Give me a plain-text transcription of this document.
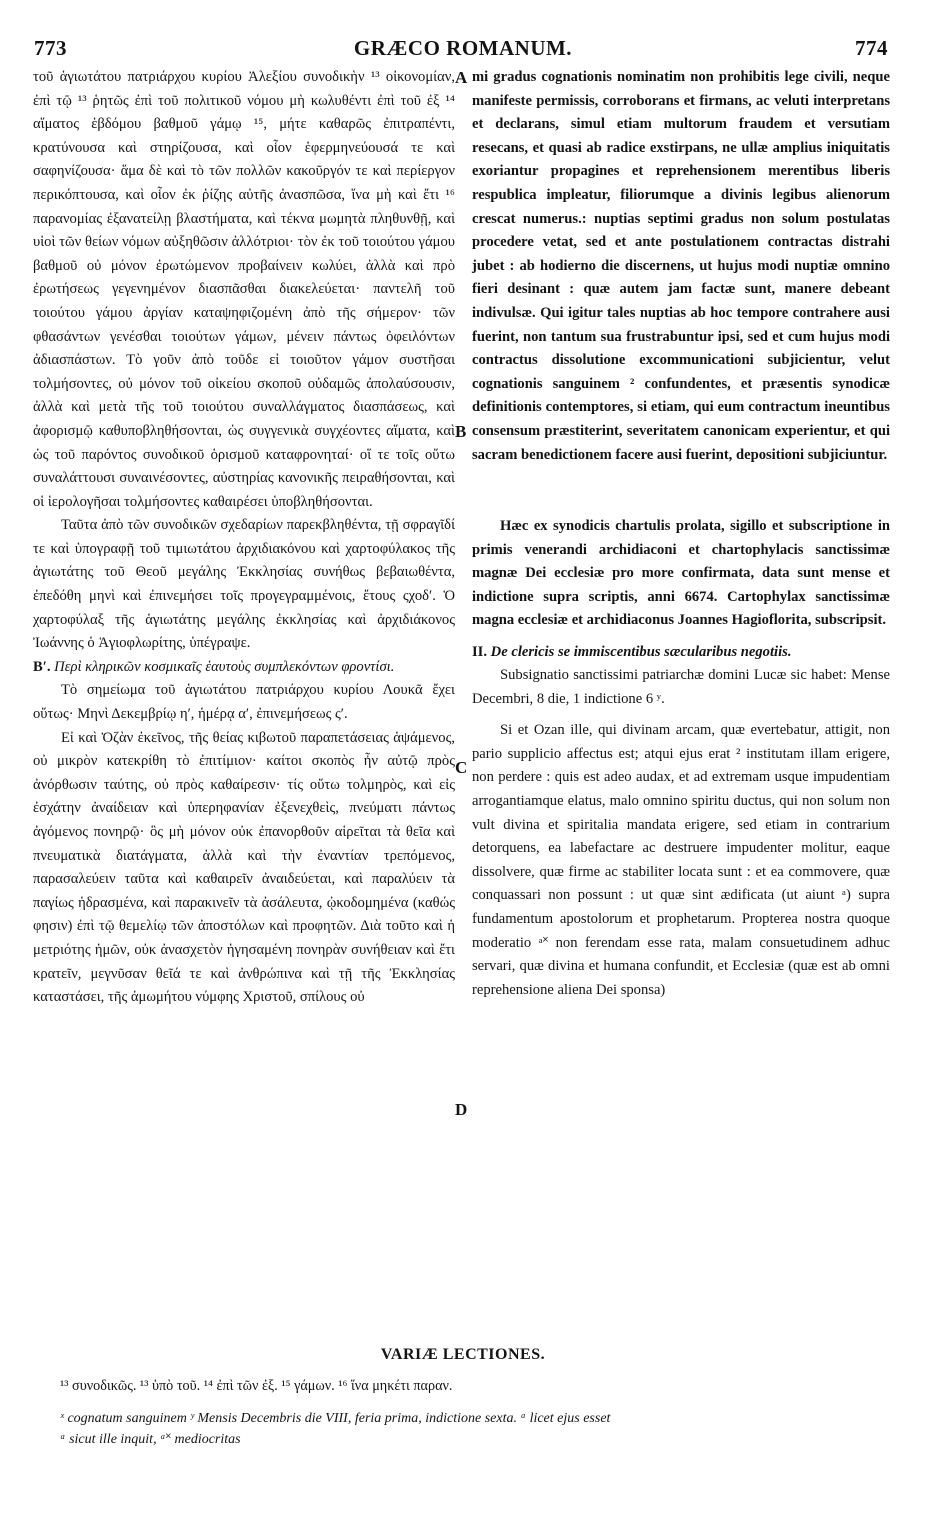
773	GRÆCO ROMANUM.	774
A
B
C
D

τοῦ ἁγιωτάτου πατριάρχου κυρίου Ἀλεξίου συνοδικὴν ¹³ οἰκονομίαν, ἐπὶ τῷ ¹³ ῥητῶς ἐπὶ τοῦ πολιτικοῦ νόμου μὴ κωλυθέντι ἐπὶ τοῦ ἐξ ¹⁴ αἵματος ἑβδόμου βαθμοῦ γάμῳ ¹⁵, μήτε καθαρῶς ἐπιτραπέντι, κρατύνουσα καὶ στηρίζουσα, καὶ οἷον ἑφερμηνεύουσά τε καὶ σαφηνίζουσα· ἅμα δὲ καὶ τὸ τῶν πολλῶν κακοῦργόν τε καὶ περίεργον περικόπτουσα, καὶ οἷον ἐκ ῥίζης αὐτῆς ἀνασπῶσα, ἵνα μὴ καὶ ἔτι ¹⁶ παρανομίας ἐξανατείλῃ βλαστήματα, καὶ τέκνα μωμητὰ πληθυνθῇ, καὶ υἱοὶ τῶν θείων νόμων αὐξηθῶσιν ἀλλότριοι· τὸν ἐκ τοῦ τοιούτου γάμου βαθμοῦ οὐ μόνον ἐρωτώμενον προβαίνειν κωλύει, ἀλλὰ καὶ πρὸ ἐρωτήσεως γεγενημένον διασπᾶσθαι διακελεύεται· παντελῆ τοῦ τοιούτου γάμου ἀργίαν καταψηφιζομένη ἀπὸ τῆς σήμερον· τῶν φθασάντων γενέσθαι τοιούτων γάμων, μένειν πάντως ὀφειλόντων ἀδιασπάστων. Τὸ γοῦν ἀπὸ τοῦδε εἰ τοιοῦτον γάμον συστῆσαι τολμήσοντες, οὐ μόνον τοῦ οἰκείου σκοποῦ οὐδαμῶς ἀπολαύσουσιν, ἀλλὰ καὶ μετὰ τῆς τοῦ τοιούτου συναλλάγματος διασπάσεως, καὶ ἀφορισμῷ καθυποβληθήσονται, ὡς συγγενικὰ συγχέοντες αἵματα, καὶ ὡς τοῦ παρόντος συνοδικοῦ ὁρισμοῦ καταφρονηταί· οἵ τε τοῖς οὕτω συναλάττουσι συναινέσοντες, αὐστηρίας κανονικῆς πειραθήσονται, καὶ οἱ ἱερολογῆσαι τολμήσοντες καθαιρέσει ὑποβληθήσονται.

Ταῦτα ἀπὸ τῶν συνοδικῶν σχεδαρίων παρεκβληθέντα, τῇ σφραγῖδί τε καὶ ὑπογραφῇ τοῦ τιμιωτάτου ἀρχιδιακόνου καὶ χαρτοφύλακος τῆς ἁγιωτάτης τοῦ Θεοῦ μεγάλης Ἐκκλησίας συνήθως βεβαιωθέντα, ἐπεδόθη μηνὶ καὶ ἐπινεμήσει τοῖς προγεγραμμένοις, ἔτους ςχοδʹ. Ὁ χαρτοφύλαξ τῆς ἁγιωτάτης μεγάλης ἐκκλησίας καὶ ἀρχιδιάκονος Ἰωάννης ὁ Ἁγιοφλωρίτης, ὑπέγραψε.

Βʹ. Περὶ κληρικῶν κοσμικαῖς ἑαυτοὺς συμπλεκόντων φροντίσι.

Τὸ σημείωμα τοῦ ἁγιωτάτου πατριάρχου κυρίου Λουκᾶ ἔχει οὕτως· Μηνὶ Δεκεμβρίῳ ηʹ, ἡμέρᾳ αʹ, ἐπινεμήσεως ςʹ.

Εἰ καὶ Ὀζὰν ἐκεῖνος, τῆς θείας κιβωτοῦ παραπετάσειας ἁψάμενος, οὐ μικρὸν κατεκρίθη τὸ ἐπιτίμιον· καίτοι σκοπὸς ἦν αὐτῷ πρὸς ἀνόρθωσιν ταύτης, οὐ πρὸς καθαίρεσιν· τίς οὕτω τολμηρὸς, καὶ εἰς ἐσχάτην ἀναίδειαν καὶ ὑπερηφανίαν ἐξενεχθεὶς, πνεύματι πάντως ἀγόμενος πονηρῷ· ὃς μὴ μόνον οὐκ ἐπανορθοῦν αἱρεῖται τὰ θεῖα καὶ πνευματικὰ διατάγματα, ἀλλὰ καὶ τὴν ἐναντίαν τρεπόμενος, παρασαλεύειν ταῦτα καὶ καθαιρεῖν ἀναιδεύεται, καὶ παραλύειν τὰ παγίως ἡδρασμένα, καὶ παρακινεῖν τὰ ἀσάλευτα, ᾠκοδομημένα (καθώς φησιν) ἐπὶ τῷ θεμελίῳ τῶν ἀποστόλων καὶ προφητῶν. Διὰ τοῦτο καὶ ἡ μετριότης ἡμῶν, οὐκ ἀνασχετὸν ἡγησαμένη πονηρὰν συνήθειαν καὶ ἔτι κρατεῖν, μεγνῦσαν θεῖά τε καὶ ἀνθρώπινα καὶ τῇ τῆς Ἐκκλησίας καταστάσει, τῆς ἀμωμήτου νύμφης Χριστοῦ, σπίλους οὐ

mi gradus cognationis nominatim non prohibitis lege civili, neque manifeste permissis, corroborans et firmans, ac veluti interpretans et declarans, simul etiam multorum fraudem et versutiam resecans, et quasi ab radice exstirpans, ne ullæ amplius iniquitatis exoriantur propagines et reprehensionem merentibus liberis respublica impleatur, filiorumque a divinis legibus alienorum crescat numerus.: nuptias septimi gradus non solum postulatas procedere vetat, sed et ante postulationem contractas distrahi jubet : ab hodierno die discernens, ut hujus modi nuptiæ omnino fieri desinant : quæ autem jam factæ sunt, manere debeant indivulsæ. Qui igitur tales nuptias ab hoc tempore contrahere ausi fuerint, non tantum sua frustrabuntur ipsi, sed et cum hujus modi contractus dissolutione excommunicationi subjicientur, velut cognationis sanguinem ² confundentes, et præsentis synodicæ definitionis contemptores, si etiam, qui eum contractum ineuntibus consensum præstiterint, severitatem canonicam experientur, et qui sacram benedictionem facere ausi fuerint, depositioni subjiciuntur.

Hæc ex synodicis chartulis prolata, sigillo et subscriptione in primis venerandi archidiaconi et chartophylacis sanctissimæ magnæ Dei ecclesiæ pro more confirmata, data sunt mense et indictione supra scriptis, anni 6674. Cartophylax sanctissimæ magna ecclesiæ et archidiaconus Joannes Hagioflorita, subscripsit.

II. De clericis se immiscentibus sæcularibus negotiis.

Subsignatio sanctissimi patriarchæ domini Lucæ sic habet: Mense Decembri, 8 die, 1 indictione 6 ʸ.

Si et Ozan ille, qui divinam arcam, quæ evertebatur, attigit, non pario supplicio affectus est; atqui ejus erat ² institutam illam erigere, non perdere : quis est adeo audax, et ad extremam usque impudentiam arrogantiamque elatus, malo omnino spiritu ductus, qui non solum non vult divina et spiritalia mandata erigere, sed etiam in contrarium detorquens, ea labefactare ac destruere impudenter molitur, eaque dissolvere, quæ firme ac stabiliter locata sunt : et ea commovere, quæ conquassari non possunt : ut quæ sint ædificata (ut aiunt ᵃ) supra fundamentum apostolorum et prophetarum. Propterea nostra quoque moderatio ᵃ˟ non ferendam esse rata, malam consuetudinem adhuc servari, quæ divina et humana confundit, et Ecclesiæ (quæ est ab omni reprehensione aliena Dei sponsa)

VARIÆ LECTIONES.
¹³ συνοδικῶς. ¹³ ὑπὸ τοῦ. ¹⁴ ἐπὶ τῶν ἐξ. ¹⁵ γάμων. ¹⁶ ἵνα μηκέτι παραν.
ˣ cognatum sanguinem ʸ Mensis Decembris die VIII, feria prima, indictione sexta. ᵃ licet ejus esset
ᵃ sicut ille inquit, ᵃ˟ mediocritas
